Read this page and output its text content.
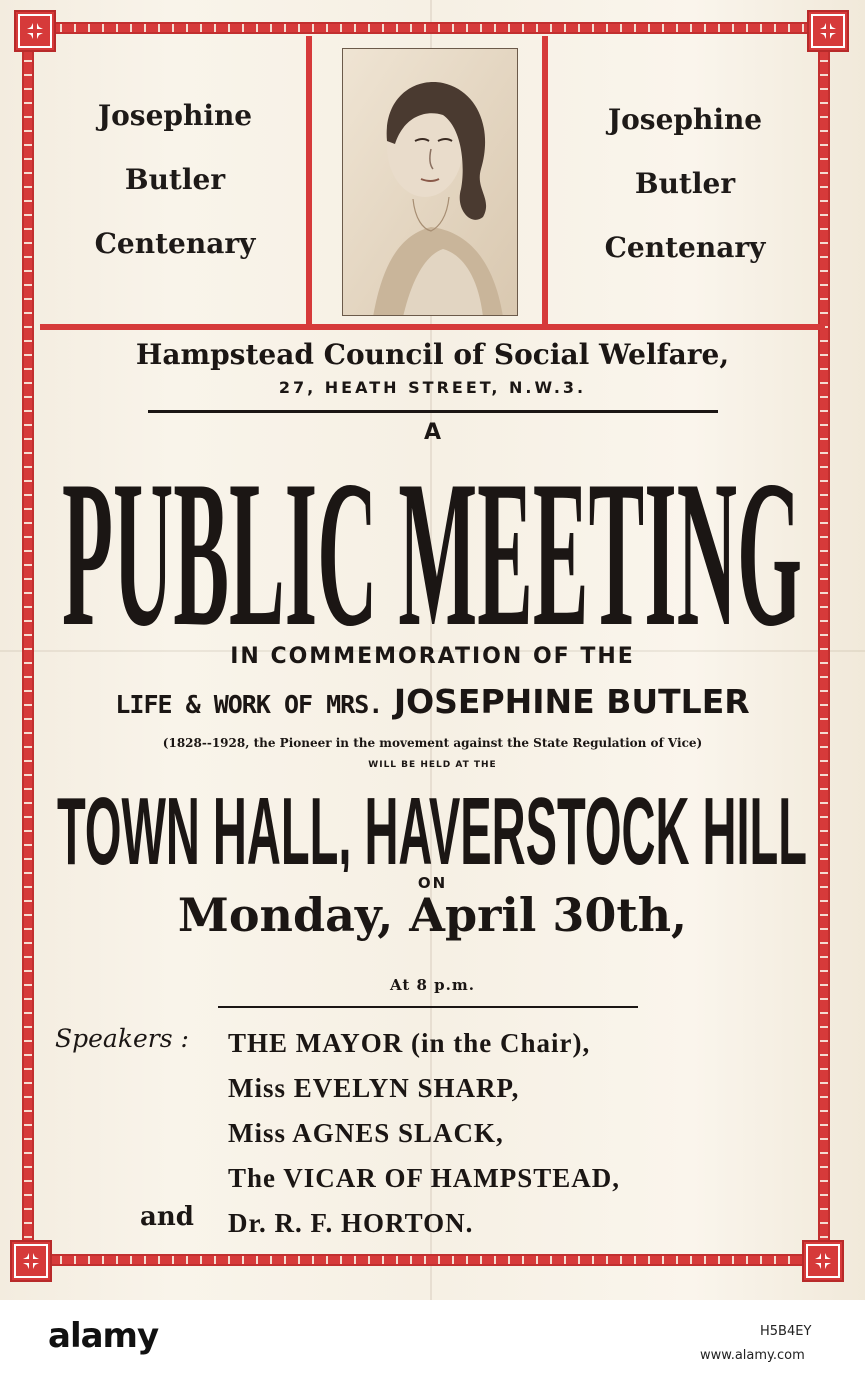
Josephine
Butler
Centenary
Josephine
Butler
Centenary
Hampstead Council of Social Welfare,
27, HEATH STREET, N.W.3.
A
PUBLIC MEETING
IN COMMEMORATION OF THE
LIFE & WORK OF MRS. JOSEPHINE BUTLER
(1828--1928, the Pioneer in the movement against the State Regulation of Vice)
WILL BE HELD AT THE
TOWN HALL, HAVERSTOCK HILL
ON
Monday, April 30th,
At 8 p.m.
Speakers : THE MAYOR (in the Chair),
Miss EVELYN SHARP,
Miss AGNES SLACK,
The VICAR OF HAMPSTEAD,
Dr. R. F. HORTON.
and
alamy	H5B4EY
www.alamy.com
